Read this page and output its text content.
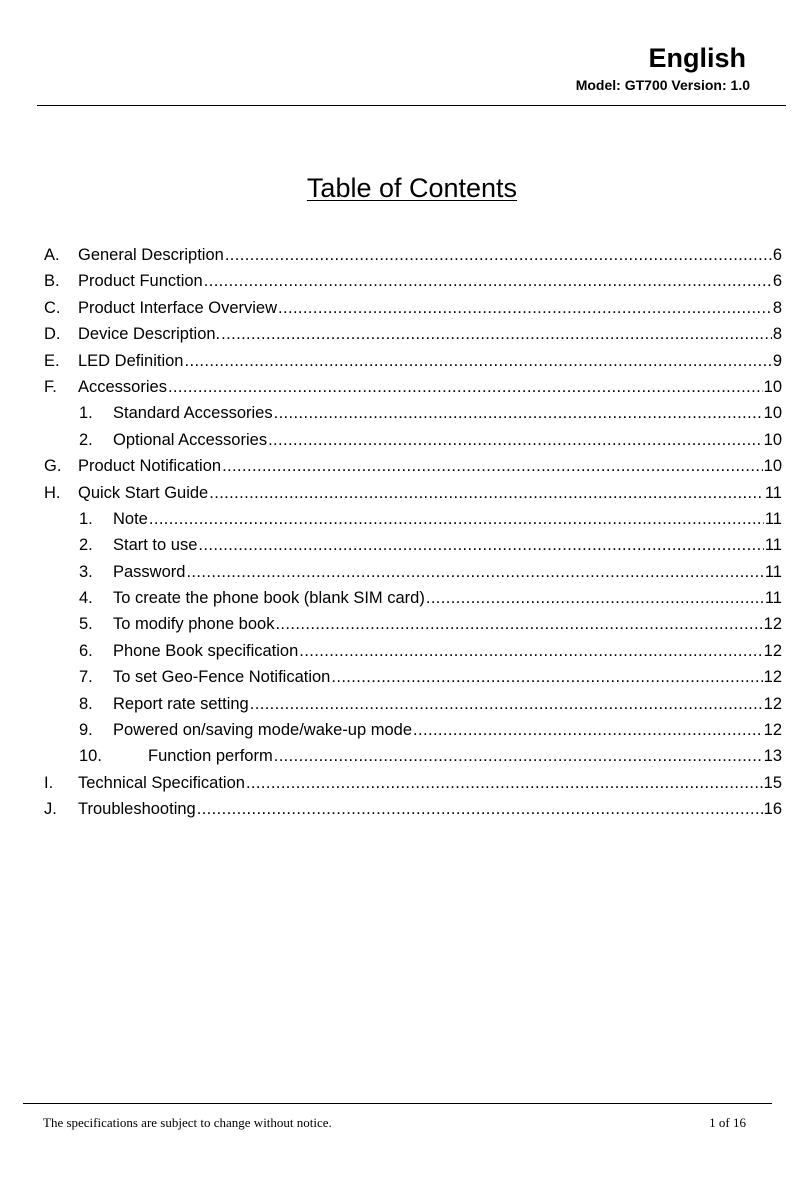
English
Model: GT700 Version: 1.0
Table of Contents
A.	General Description .....	6
B.	Product Function .....	6
C.	Product Interface Overview .....	8
D.	Device Description. .....	8
E.	LED Definition .....	9
F.	Accessories .....	10
1.	Standard Accessories .....	10
2.	Optional Accessories .....	10
G.	Product Notification .....	10
H.	Quick Start Guide .....	11
1.	Note .....	11
2.	Start to use .....	11
3.	Password .....	11
4.	To create the phone book (blank SIM card) .....	11
5.	To modify phone book .....	12
6.	Phone Book specification .....	12
7.	To set Geo-Fence Notification .....	12
8.	Report rate setting .....	12
9.	Powered on/saving mode/wake-up mode .....	12
10.	Function perform .....	13
I.	Technical Specification .....	15
J.	Troubleshooting .....	16
The specifications are subject to change without notice.	1 of 16
